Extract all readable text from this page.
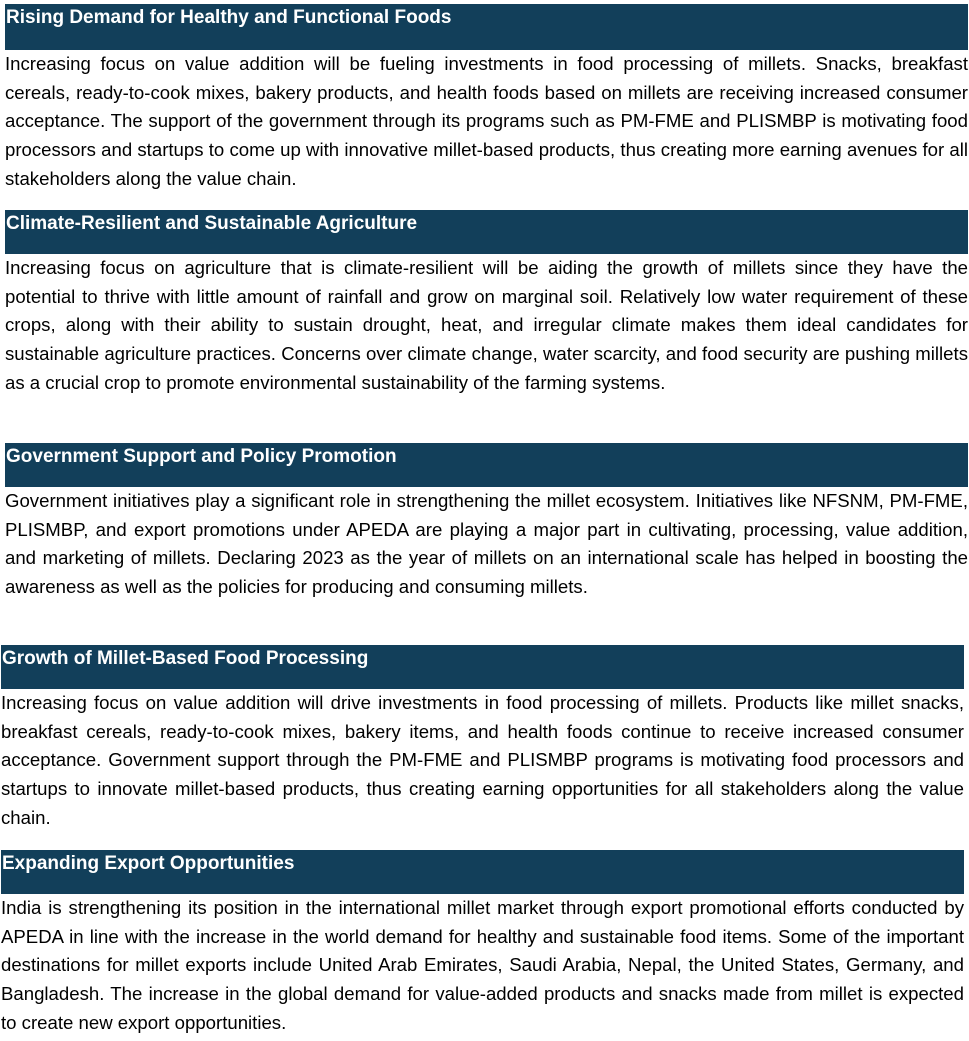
Rising Demand for Healthy and Functional Foods

Increasing focus on value addition will be fueling investments in food processing of millets. Snacks, breakfast cereals, ready-to-cook mixes, bakery products, and health foods based on millets are receiving increased consumer acceptance. The support of the government through its programs such as PM-FME and PLISMBP is motivating food processors and startups to come up with innovative millet-based products, thus creating more earning avenues for all stakeholders along the value chain.

Climate-Resilient and Sustainable Agriculture

Increasing focus on agriculture that is climate-resilient will be aiding the growth of millets since they have the potential to thrive with little amount of rainfall and grow on marginal soil. Relatively low water requirement of these crops, along with their ability to sustain drought, heat, and irregular climate makes them ideal candidates for sustainable agriculture practices. Concerns over climate change, water scarcity, and food security are pushing millets as a crucial crop to promote environmental sustainability of the farming systems.

Government Support and Policy Promotion

Government initiatives play a significant role in strengthening the millet ecosystem. Initiatives like NFSNM, PM-FME, PLISMBP, and export promotions under APEDA are playing a major part in cultivating, processing, value addition, and marketing of millets. Declaring 2023 as the year of millets on an international scale has helped in boosting the awareness as well as the policies for producing and consuming millets.

Growth of Millet-Based Food Processing

Increasing focus on value addition will drive investments in food processing of millets. Products like millet snacks, breakfast cereals, ready-to-cook mixes, bakery items, and health foods continue to receive increased consumer acceptance. Government support through the PM-FME and PLISMBP programs is motivating food processors and startups to innovate millet-based products, thus creating earning opportunities for all stakeholders along the value chain.

Expanding Export Opportunities

India is strengthening its position in the international millet market through export promotional efforts conducted by APEDA in line with the increase in the world demand for healthy and sustainable food items. Some of the important destinations for millet exports include United Arab Emirates, Saudi Arabia, Nepal, the United States, Germany, and Bangladesh. The increase in the global demand for value-added products and snacks made from millet is expected to create new export opportunities.
